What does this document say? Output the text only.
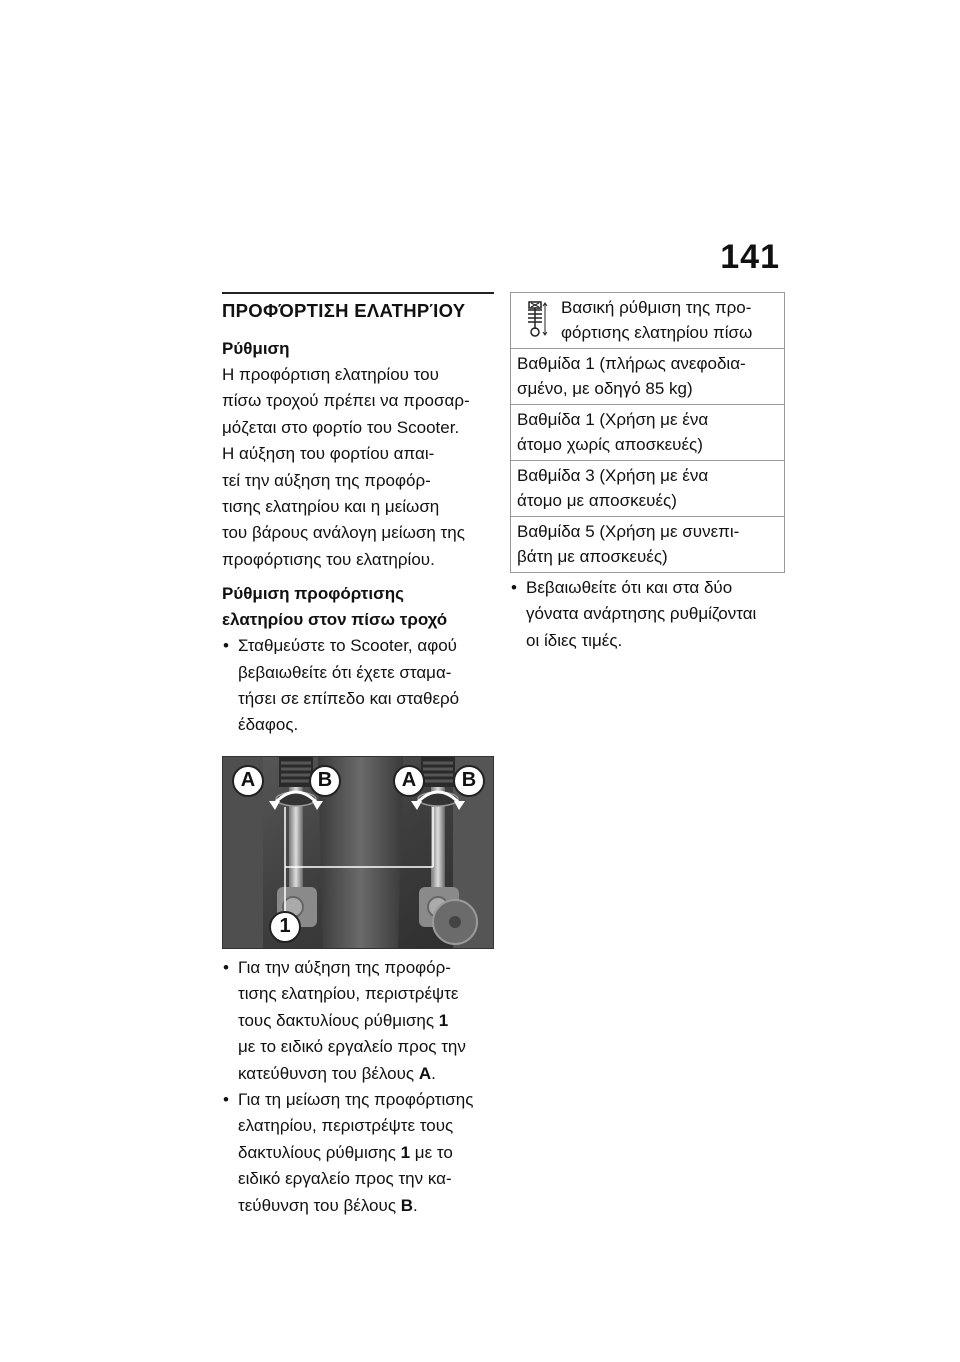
141
ΠΡΟΦΌΡΤΙΣΗ ΕΛΑΤΗΡΊΟΥ
Ρύθμιση
Η προφόρτιση ελατηρίου του
πίσω τροχού πρέπει να προσαρ-
μόζεται στο φορτίο του Scooter.
Η αύξηση του φορτίου απαι-
τεί την αύξηση της προφόρ-
τισης ελατηρίου και η μείωση
του βάρους ανάλογη μείωση της
προφόρτισης του ελατηρίου.
Ρύθμιση προφόρτισης
ελατηρίου στον πίσω τροχό
• Σταθμεύστε το Scooter, αφού
βεβαιωθείτε ότι έχετε σταμα-
τήσει σε επίπεδο και σταθερό
έδαφος.
A	B	A	B
1
• Για την αύξηση της προφόρ-
τισης ελατηρίου, περιστρέψτε
τους δακτυλίους ρύθμισης 1
με το ειδικό εργαλείο προς την
κατεύθυνση του βέλους A.
• Για τη μείωση της προφόρτισης
ελατηρίου, περιστρέψτε τους
δακτυλίους ρύθμισης 1 με το
ειδικό εργαλείο προς την κα-
τεύθυνση του βέλους B.
Βασική ρύθμιση της προ-
φόρτισης ελατηρίου πίσω

Βαθμίδα 1 (πλήρως ανεφοδια-
σμένο, με οδηγό 85 kg)

Βαθμίδα 1 (Χρήση με ένα
άτομο χωρίς αποσκευές)

Βαθμίδα 3 (Χρήση με ένα
άτομο με αποσκευές)

Βαθμίδα 5 (Χρήση με συνεπι-
βάτη με αποσκευές)
• Βεβαιωθείτε ότι και στα δύο
γόνατα ανάρτησης ρυθμίζονται
οι ίδιες τιμές.
